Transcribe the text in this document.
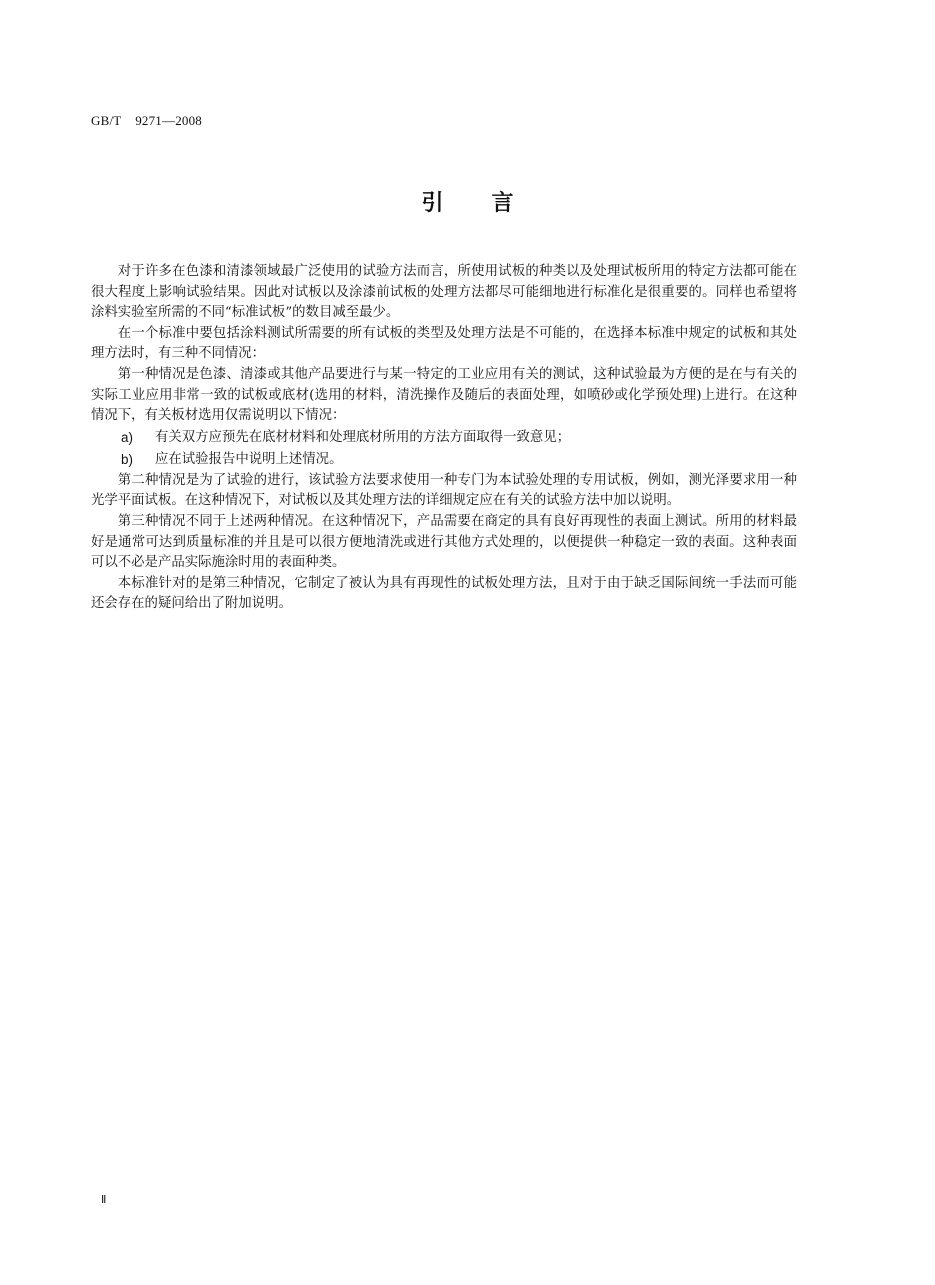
GB/T    9271—2008
引言

对于许多在色漆和清漆领域最广泛使用的试验方法而言，所使用试板的种类以及处理试板所用的特定方法都可能在很大程度上影响试验结果。因此对试板以及涂漆前试板的处理方法都尽可能细地进行标准化是很重要的。同样也希望将涂料实验室所需的不同“标准试板”的数目减至最少。

在一个标准中要包括涂料测试所需要的所有试板的类型及处理方法是不可能的，在选择本标准中规定的试板和其处理方法时，有三种不同情况：

第一种情况是色漆、清漆或其他产品要进行与某一特定的工业应用有关的测试，这种试验最为方便的是在与有关的实际工业应用非常一致的试板或底材(选用的材料，清洗操作及随后的表面处理，如喷砂或化学预处理)上进行。在这种情况下，有关板材选用仅需说明以下情况：

a)	有关双方应预先在底材材料和处理底材所用的方法方面取得一致意见；
b)	应在试验报告中说明上述情况。

第二种情况是为了试验的进行，该试验方法要求使用一种专门为本试验处理的专用试板，例如，测光泽要求用一种光学平面试板。在这种情况下，对试板以及其处理方法的详细规定应在有关的试验方法中加以说明。

第三种情况不同于上述两种情况。在这种情况下，产品需要在商定的具有良好再现性的表面上测试。所用的材料最好是通常可达到质量标准的并且是可以很方便地清洗或进行其他方式处理的，以便提供一种稳定一致的表面。这种表面可以不必是产品实际施涂时用的表面种类。

本标准针对的是第三种情况，它制定了被认为具有再现性的试板处理方法，且对于由于缺乏国际间统一手法而可能还会存在的疑问给出了附加说明。

Ⅱ
